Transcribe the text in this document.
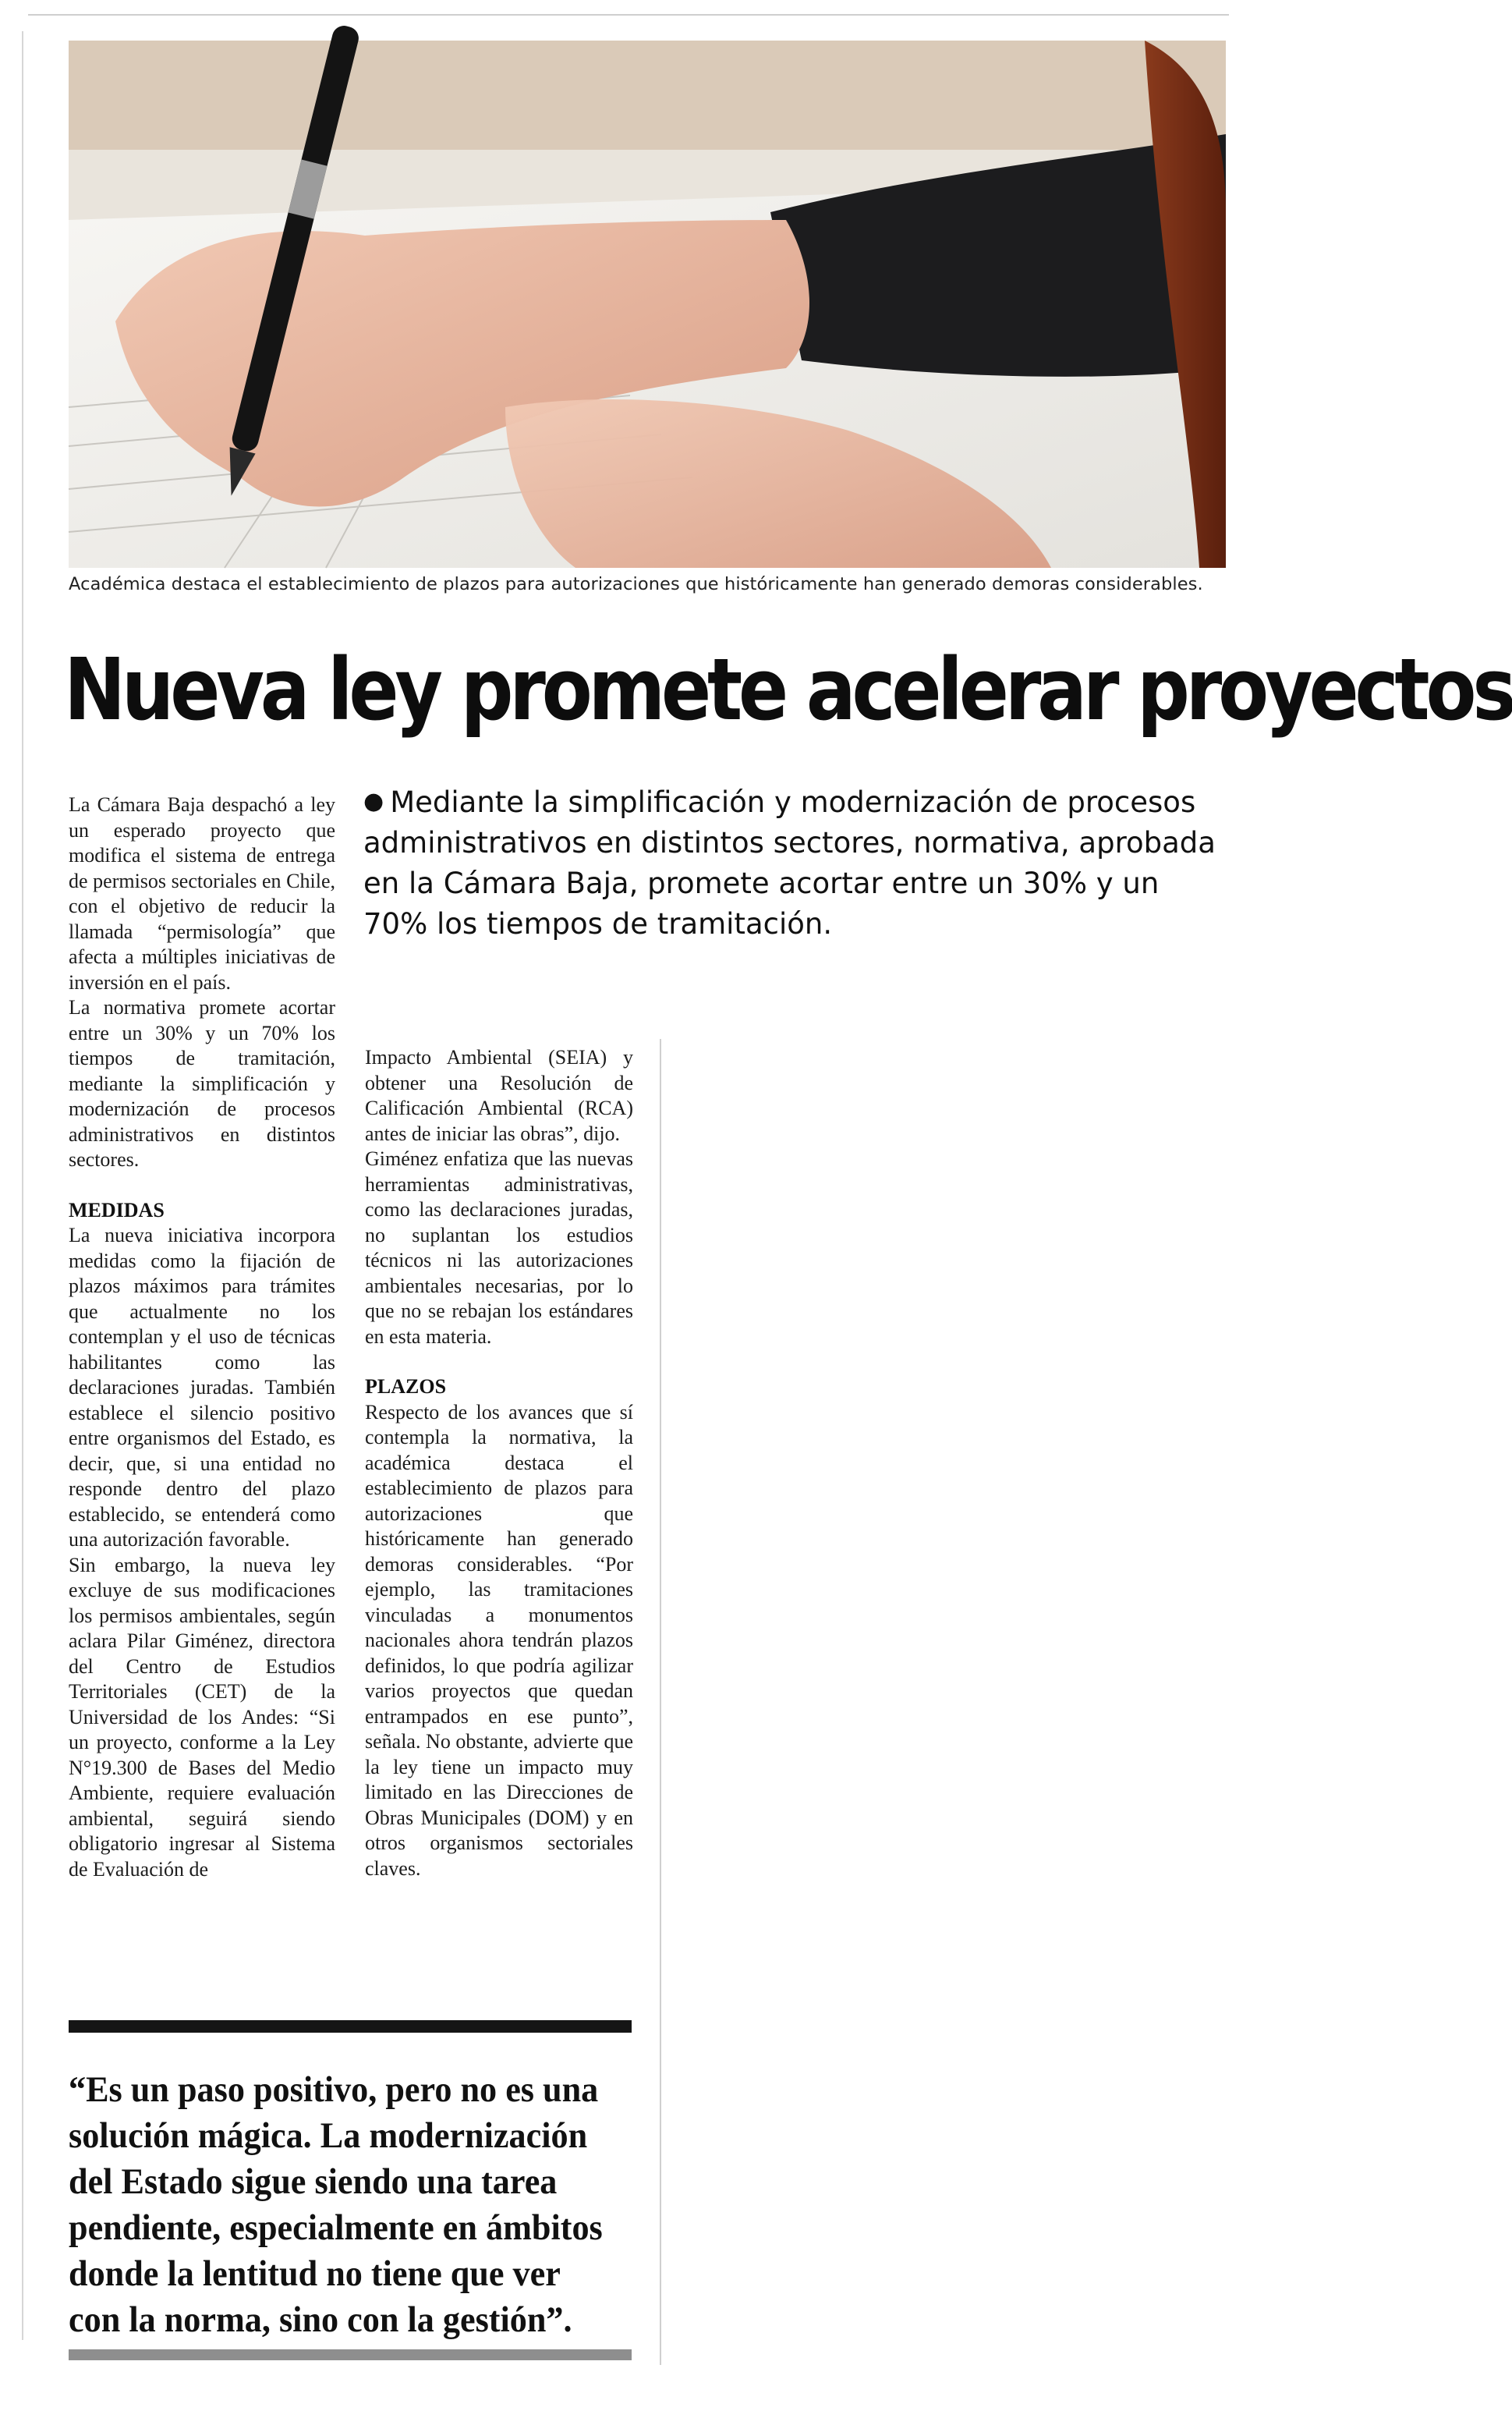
Académica destaca el establecimiento de plazos para autorizaciones que históricamente han generado demoras considerables.
Nueva ley promete acelerar proyectos
● Mediante la simplificación y modernización de procesos administrativos en distintos sectores, normativa, aprobada en la Cámara Baja, promete acortar entre un 30% y un 70% los tiempos de tramitación.

La Cámara Baja despachó a ley un esperado proyecto que modifica el sistema de entrega de permisos sectoriales en Chile, con el objetivo de reducir la llamada “permisología” que afecta a múltiples iniciativas de inversión en el país.

La normativa promete acortar entre un 30% y un 70% los tiempos de tramitación, mediante la simplificación y modernización de procesos administrativos en distintos sectores.

MEDIDAS

La nueva iniciativa incorpora medidas como la fijación de plazos máximos para trámites que actualmente no los contemplan y el uso de técnicas habilitantes como las declaraciones juradas. También establece el silencio positivo entre organismos del Estado, es decir, que, si una entidad no responde dentro del plazo establecido, se entenderá como una autorización favorable.

Sin embargo, la nueva ley excluye de sus modificaciones los permisos ambientales, según aclara Pilar Giménez, directora del Centro de Estudios Territoriales (CET) de la Universidad de los Andes: “Si un proyecto, conforme a la Ley N°19.300 de Bases del Medio Ambiente, requiere evaluación ambiental, seguirá siendo obligatorio ingresar al Sistema de Evaluación de

Impacto Ambiental (SEIA) y obtener una Resolución de Calificación Ambiental (RCA) antes de iniciar las obras”, dijo.

Giménez enfatiza que las nuevas herramientas administrativas, como las declaraciones juradas, no suplantan los estudios técnicos ni las autorizaciones ambientales necesarias, por lo que no se rebajan los estándares en esta materia.

PLAZOS

Respecto de los avances que sí contempla la normativa, la académica destaca el establecimiento de plazos para autorizaciones que históricamente han generado demoras considerables. “Por ejemplo, las tramitaciones vinculadas a monumentos nacionales ahora tendrán plazos definidos, lo que podría agilizar varios proyectos que quedan entrampados en ese punto”, señala. No obstante, advierte que la ley tiene un impacto muy limitado en las Direcciones de Obras Municipales (DOM) y en otros organismos sectoriales claves.

“Es un paso positivo, pero no es una solución mágica. La modernización del Estado sigue siendo una tarea pendiente, especialmente en ámbitos donde la lentitud no tiene que ver con la norma, sino con la gestión”.
